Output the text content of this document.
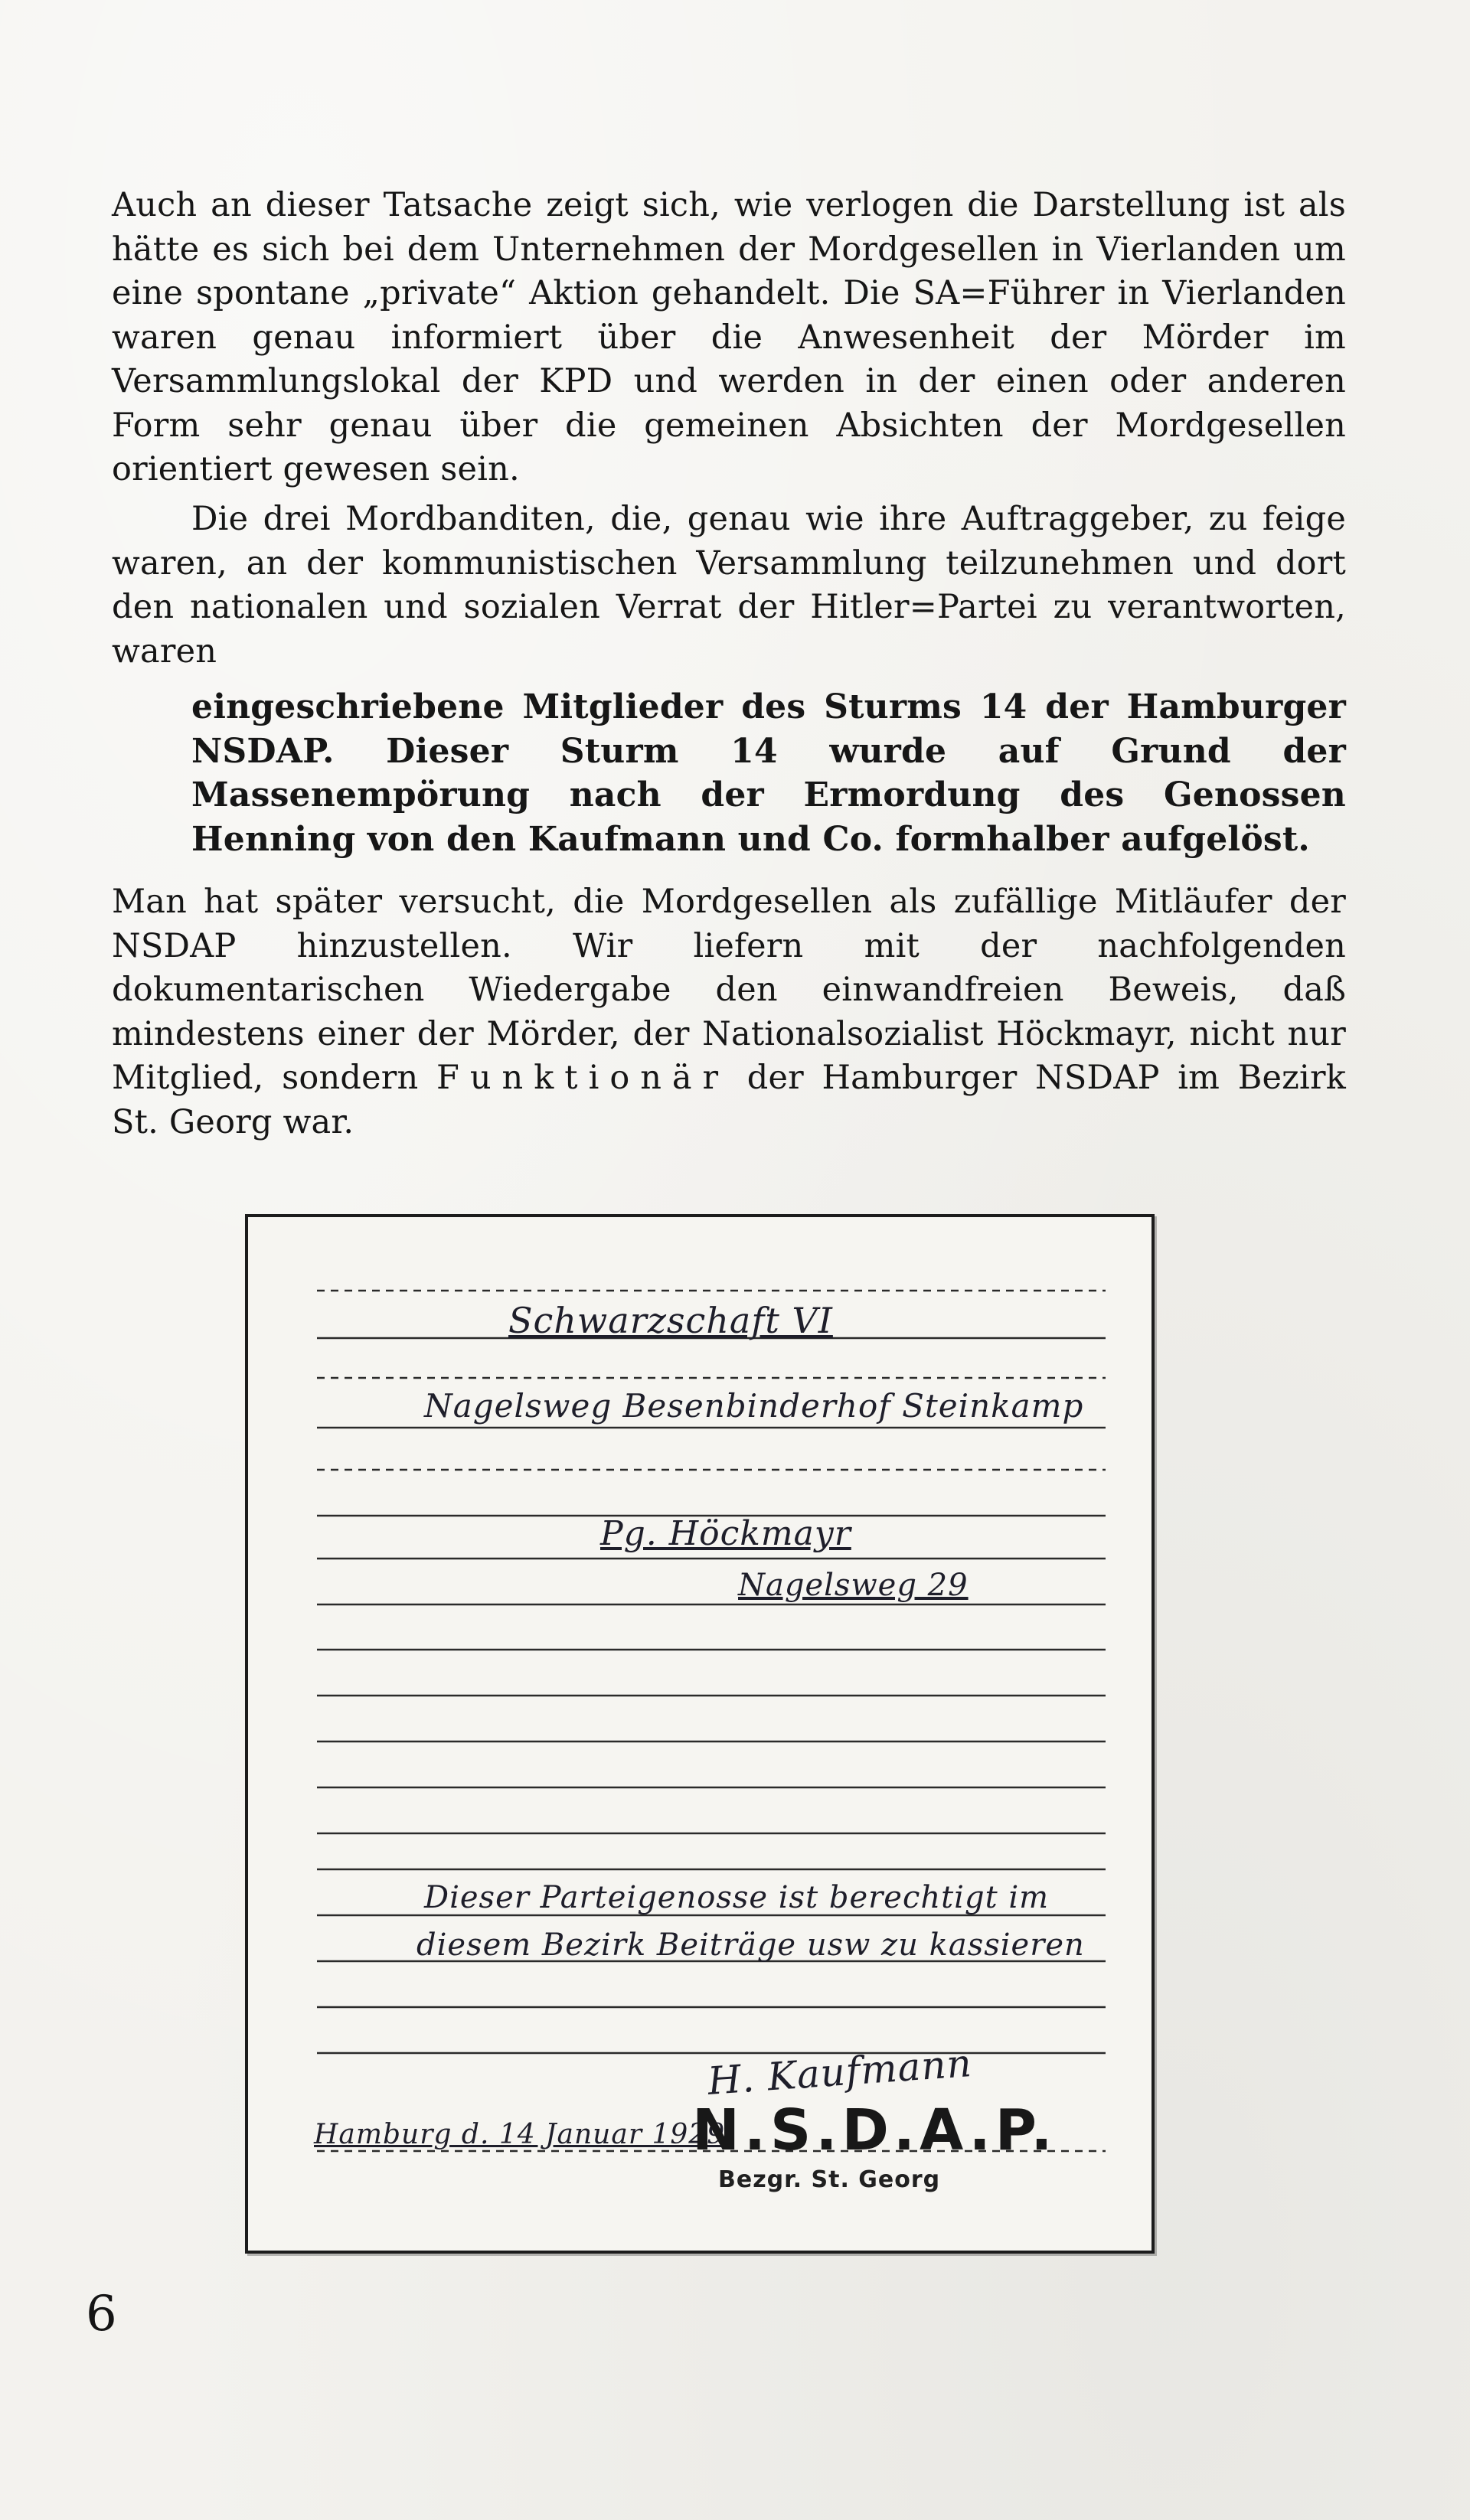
Auch an dieser Tatsache zeigt sich, wie verlogen die Darstellung ist als hätte es sich bei dem Unternehmen der Mordgesellen in Vierlanden um eine spontane „private“ Aktion gehandelt. Die SA=Führer in Vierlanden waren genau informiert über die Anwesenheit der Mörder im Versammlungslokal der KPD und werden in der einen oder anderen Form sehr genau über die gemeinen Absichten der Mordgesellen orientiert gewesen sein.

Die drei Mordbanditen, die, genau wie ihre Auftraggeber, zu feige waren, an der kommunistischen Versammlung teilzunehmen und dort den nationalen und sozialen Verrat der Hitler=Partei zu verantworten, waren

eingeschriebene Mitglieder des Sturms 14 der Hamburger NSDAP. Dieser Sturm 14 wurde auf Grund der Massenempörung nach der Ermordung des Genossen Henning von den Kaufmann und Co. formhalber aufgelöst.

Man hat später versucht, die Mordgesellen als zufällige Mitläufer der NSDAP hinzustellen. Wir liefern mit der nachfolgenden dokumentarischen Wiedergabe den einwandfreien Beweis, daß mindestens einer der Mörder, der Nationalsozialist Höckmayr, nicht nur Mitglied, sondern Funktionär der Hamburger NSDAP im Bezirk St. Georg war.

Schwarzschaft VI
Nagelsweg Besenbinderhof Steinkamp
Pg. Höckmayr
Nagelsweg 29
Dieser Parteigenosse ist berechtigt im
diesem Bezirk Beiträge usw zu kassieren
Hamburg d. 14 Januar 1929
H. Kaufmann
N.S.D.A.P.
Bezgr. St. Georg
6
